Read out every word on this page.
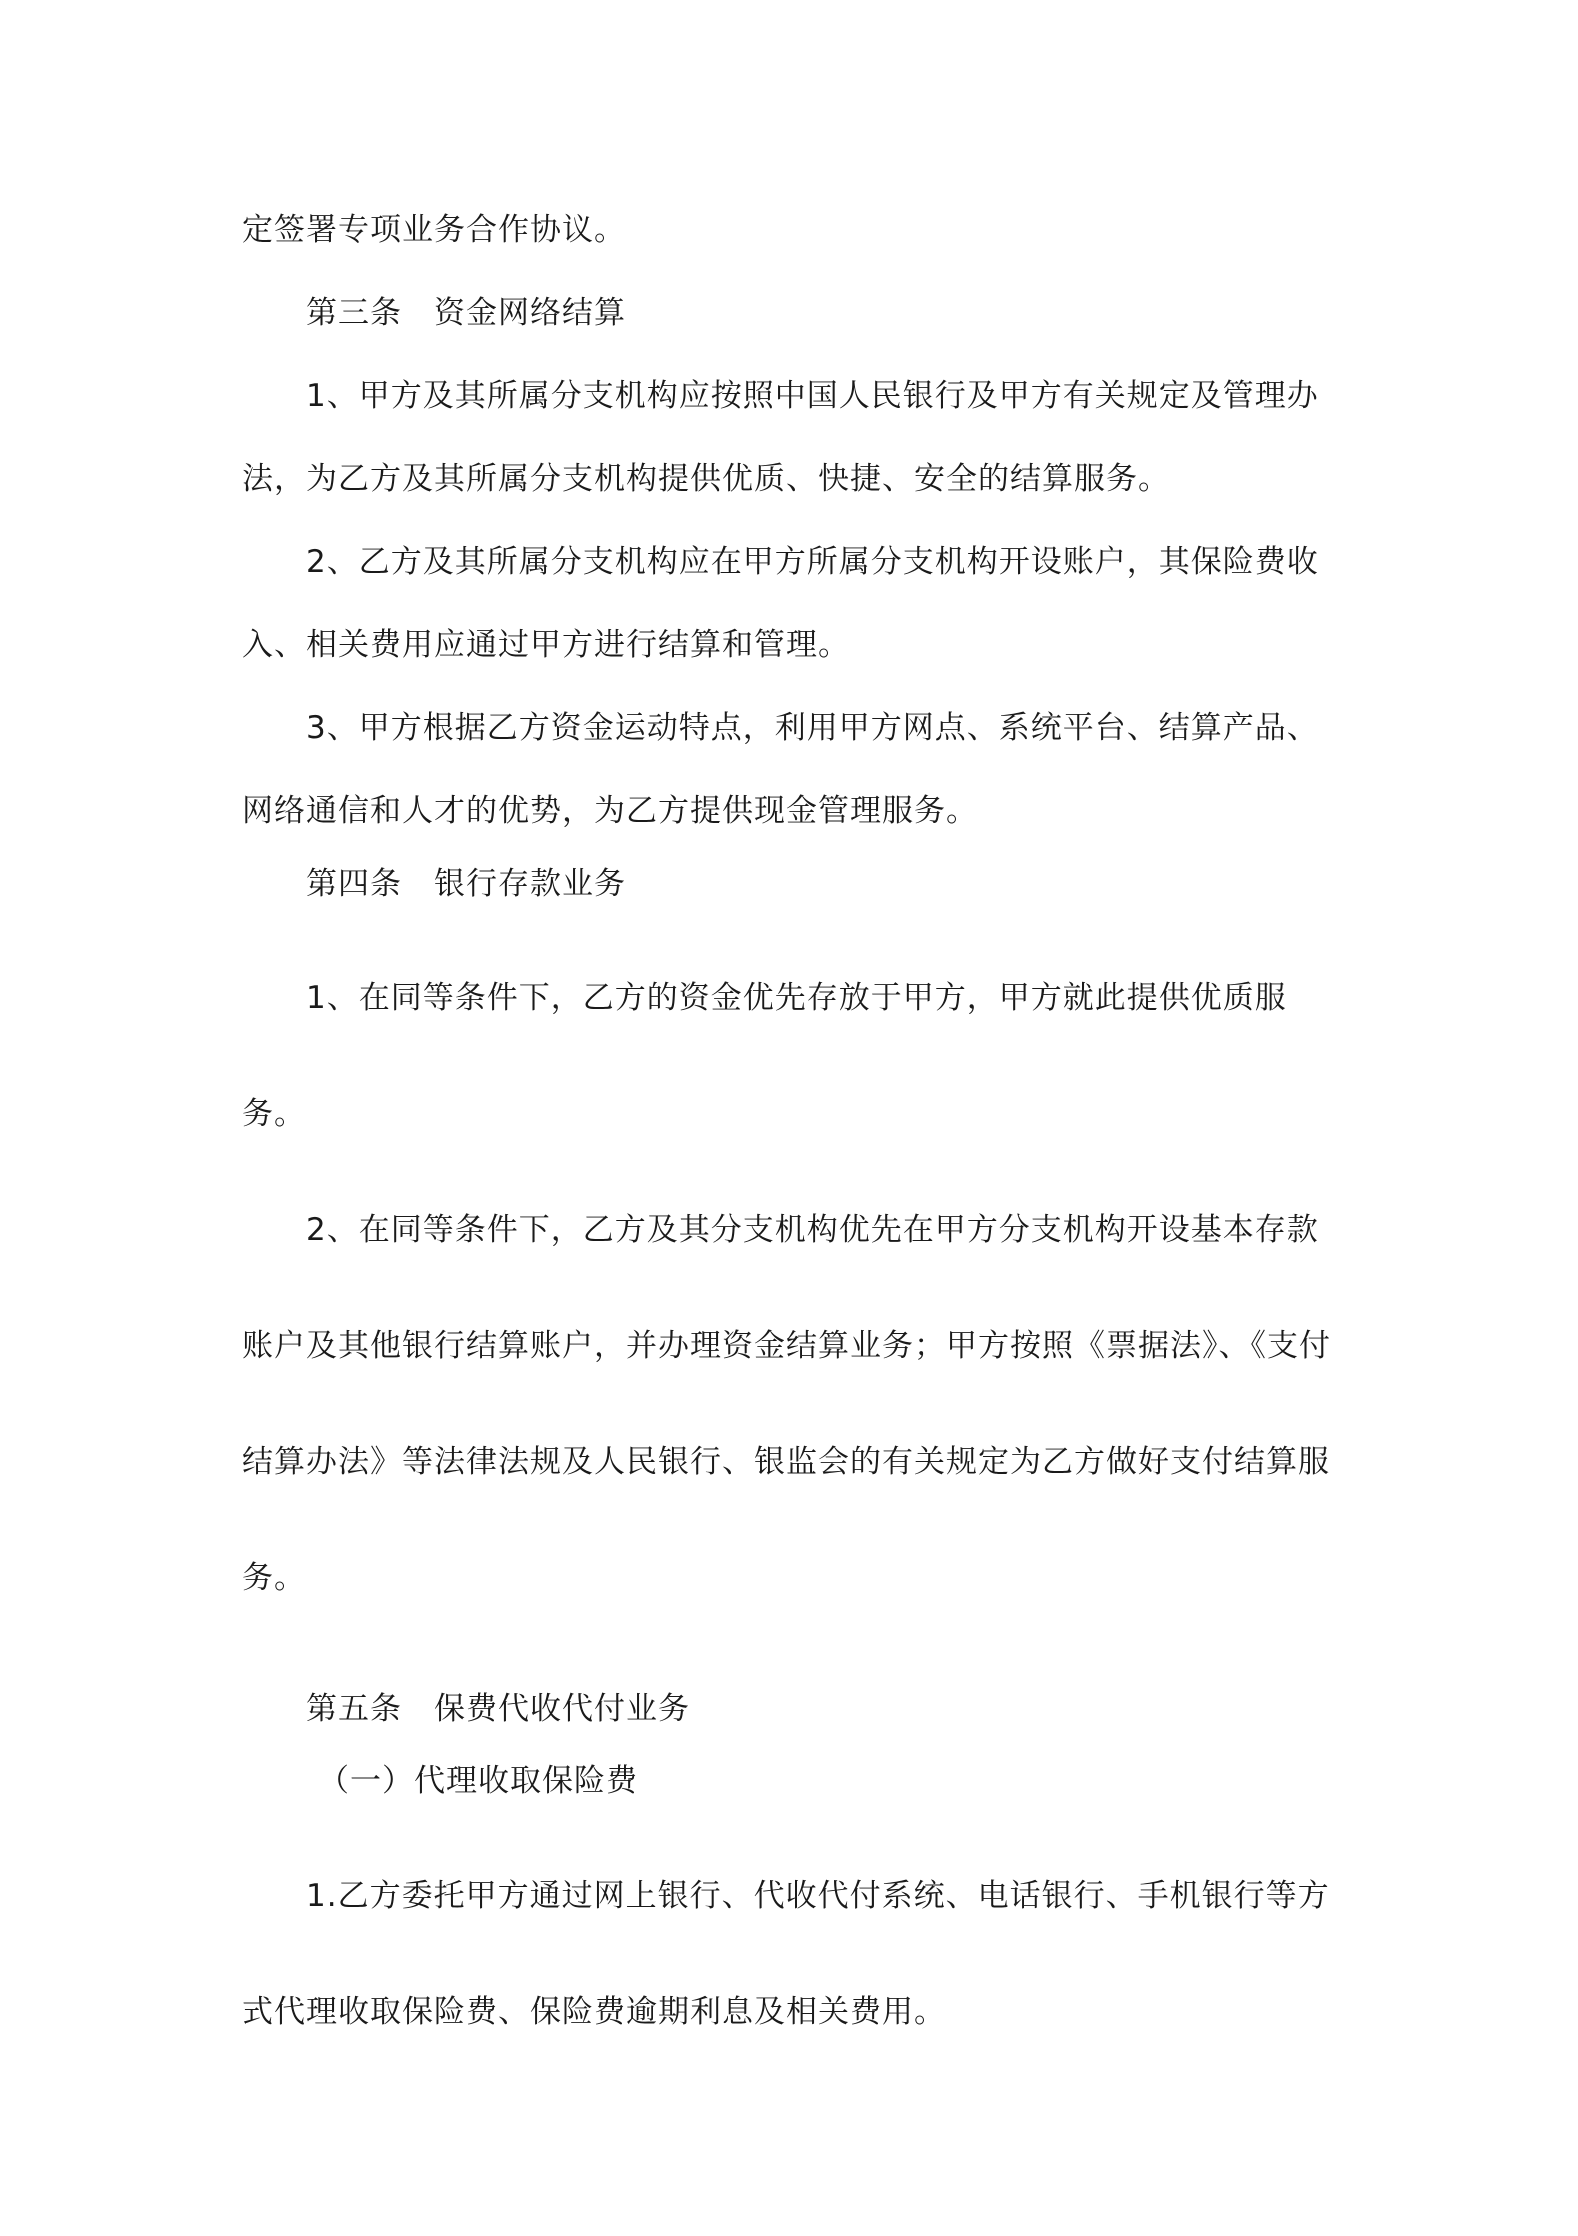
定签署专项业务合作协议。
第三条　资金网络结算
1、甲方及其所属分支机构应按照中国人民银行及甲方有关规定及管理办
法，为乙方及其所属分支机构提供优质、快捷、安全的结算服务。
2、乙方及其所属分支机构应在甲方所属分支机构开设账户，其保险费收
入、相关费用应通过甲方进行结算和管理。
3、甲方根据乙方资金运动特点，利用甲方网点、系统平台、结算产品、
网络通信和人才的优势，为乙方提供现金管理服务。
第四条　银行存款业务
1、在同等条件下，乙方的资金优先存放于甲方，甲方就此提供优质服
务。
2、在同等条件下，乙方及其分支机构优先在甲方分支机构开设基本存款
账户及其他银行结算账户，并办理资金结算业务；甲方按照《票据法》、《支付
结算办法》等法律法规及人民银行、银监会的有关规定为乙方做好支付结算服
务。
第五条　保费代收代付业务
（一）代理收取保险费
1.乙方委托甲方通过网上银行、代收代付系统、电话银行、手机银行等方
式代理收取保险费、保险费逾期利息及相关费用。
